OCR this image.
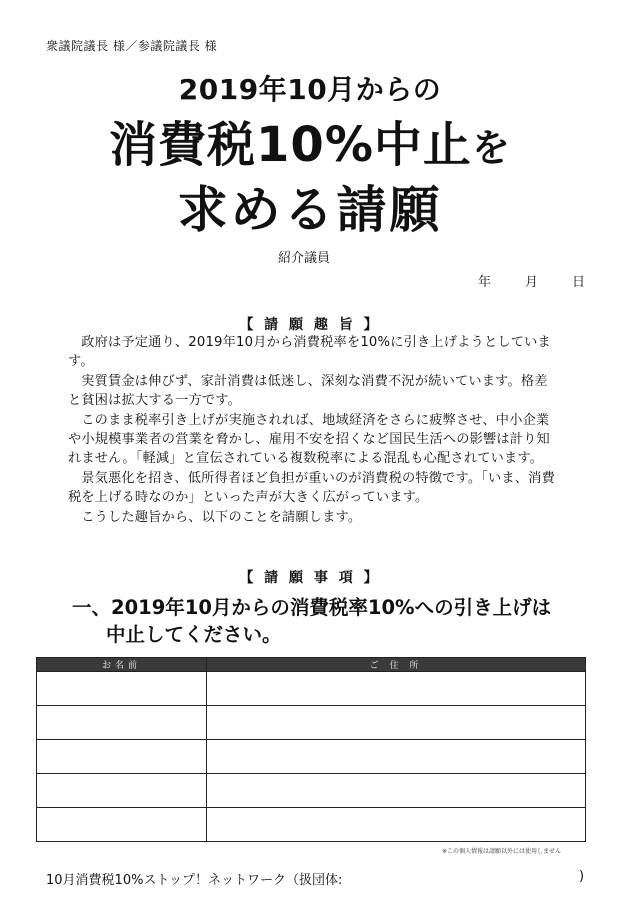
衆議院議長 様／参議院議長 様
2019年10月からの
消費税10%中止を
求める請願
紹介議員
年	月	日
【 請 願 趣 旨 】

政府は予定通り、2019年10月から消費税率を10%に引き上げようとしています。

実質賃金は伸びず、家計消費は低迷し、深刻な消費不況が続いています。格差と貧困は拡大する一方です。

このまま税率引き上げが実施されれば、地域経済をさらに疲弊させ、中小企業や小規模事業者の営業を脅かし、雇用不安を招くなど国民生活への影響は計り知れません。「軽減」と宣伝されている複数税率による混乱も心配されています。

景気悪化を招き、低所得者ほど負担が重いのが消費税の特徴です。「いま、消費税を上げる時なのか」といった声が大きく広がっています。

こうした趣旨から、以下のことを請願します。

【 請 願 事 項 】
一、2019年10月からの消費税率10%への引き上げは
中止してください。
お名前	ご 住 所

※この個人情報は請願以外には使用しません
10月消費税10%ストップ！ネットワーク（扱団体:	)
